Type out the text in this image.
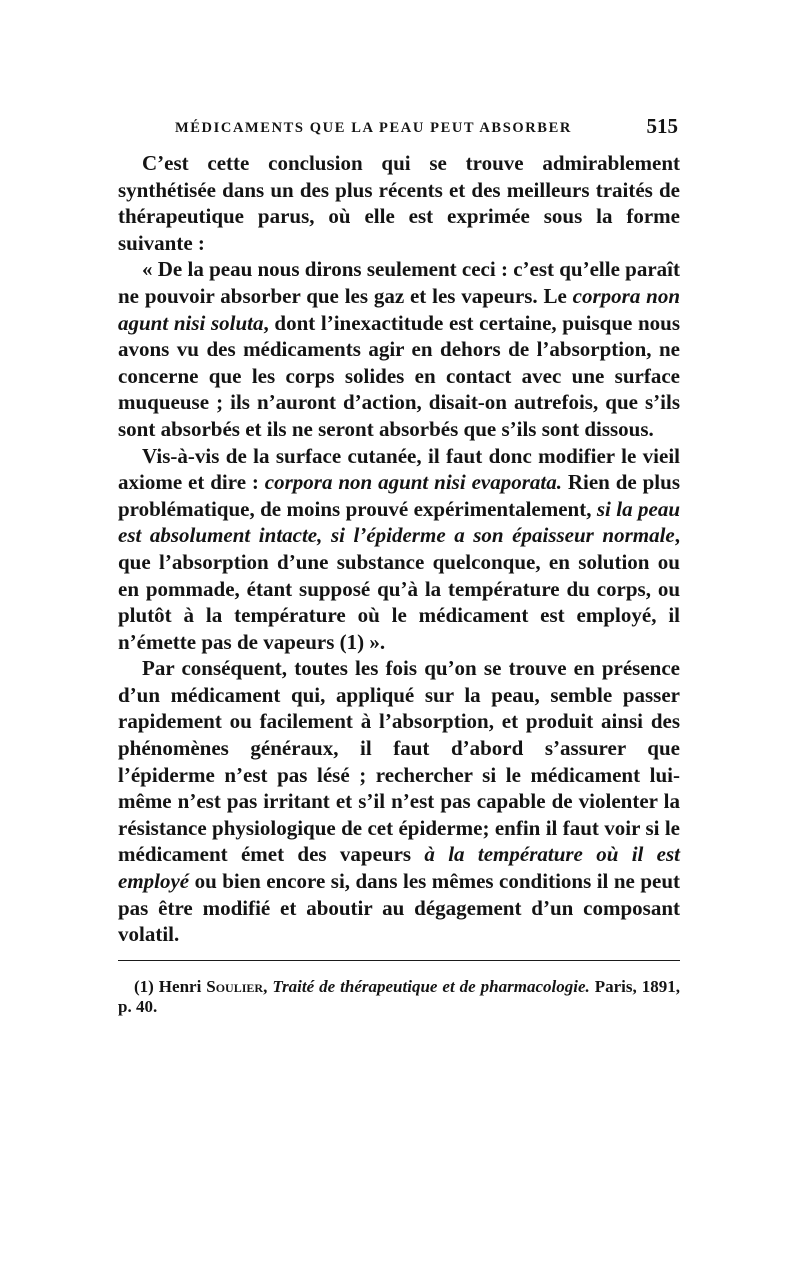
MÉDICAMENTS QUE LA PEAU PEUT ABSORBER	515

C’est cette conclusion qui se trouve admirablement synthétisée dans un des plus récents et des meilleurs traités de thérapeutique parus, où elle est exprimée sous la forme suivante :

« De la peau nous dirons seulement ceci : c’est qu’elle paraît ne pouvoir absorber que les gaz et les vapeurs. Le corpora non agunt nisi soluta, dont l’inexactitude est certaine, puisque nous avons vu des médicaments agir en dehors de l’absorption, ne concerne que les corps solides en contact avec une surface muqueuse ; ils n’auront d’action, disait-on autrefois, que s’ils sont absorbés et ils ne seront absorbés que s’ils sont dissous.

Vis-à-vis de la surface cutanée, il faut donc modifier le vieil axiome et dire : corpora non agunt nisi evaporata. Rien de plus problématique, de moins prouvé expérimentalement, si la peau est absolument intacte, si l’épiderme a son épaisseur normale, que l’absorption d’une substance quelconque, en solution ou en pommade, étant supposé qu’à la température du corps, ou plutôt à la température où le médicament est employé, il n’émette pas de vapeurs (1) ».

Par conséquent, toutes les fois qu’on se trouve en présence d’un médicament qui, appliqué sur la peau, semble passer rapidement ou facilement à l’absorption, et produit ainsi des phénomènes généraux, il faut d’abord s’assurer que l’épiderme n’est pas lésé ; rechercher si le médicament lui-même n’est pas irritant et s’il n’est pas capable de violenter la résistance physiologique de cet épiderme; enfin il faut voir si le médicament émet des vapeurs à la température où il est employé ou bien encore si, dans les mêmes conditions il ne peut pas être modifié et aboutir au dégagement d’un composant volatil.

(1) Henri Soulier, Traité de thérapeutique et de pharmacologie. Paris, 1891, p. 40.
